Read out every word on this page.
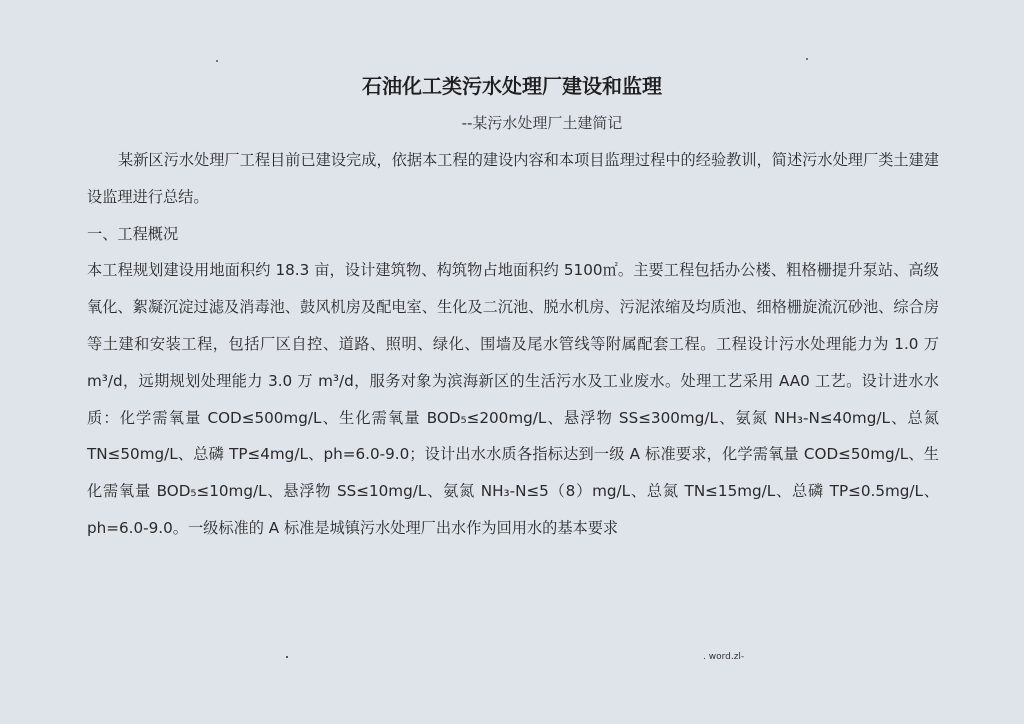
石油化工类污水处理厂建设和监理
--某污水处理厂土建简记

某新区污水处理厂工程目前已建设完成，依据本工程的建设内容和本项目监理过程中的经验教训，简述污水处理厂类土建建设监理进行总结。

一、工程概况

本工程规划建设用地面积约 18.3 亩，设计建筑物、构筑物占地面积约 5100㎡。主要工程包括办公楼、粗格栅提升泵站、高级氧化、絮凝沉淀过滤及消毒池、鼓风机房及配电室、生化及二沉池、脱水机房、污泥浓缩及均质池、细格栅旋流沉砂池、综合房等土建和安装工程，包括厂区自控、道路、照明、绿化、围墙及尾水管线等附属配套工程。工程设计污水处理能力为 1.0 万 m³/d，远期规划处理能力 3.0 万 m³/d，服务对象为滨海新区的生活污水及工业废水。处理工艺采用 AA0 工艺。设计进水水质：化学需氧量 COD≤500mg/L、生化需氧量 BOD₅≤200mg/L、悬浮物 SS≤300mg/L、氨氮 NH₃-N≤40mg/L、总氮 TN≤50mg/L、总磷 TP≤4mg/L、ph=6.0-9.0；设计出水水质各指标达到一级 A 标准要求，化学需氧量 COD≤50mg/L、生化需氧量 BOD₅≤10mg/L、悬浮物 SS≤10mg/L、氨氮 NH₃-N≤5（8）mg/L、总氮 TN≤15mg/L、总磷 TP≤0.5mg/L、ph=6.0-9.0。一级标准的 A 标准是城镇污水处理厂出水作为回用水的基本要求

. word.zl-
